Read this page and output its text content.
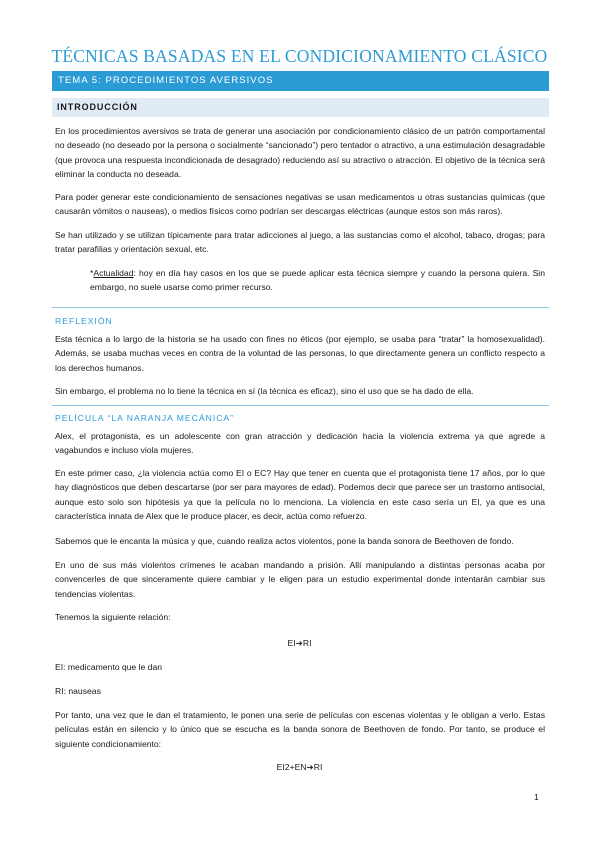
TÉCNICAS BASADAS EN EL CONDICIONAMIENTO CLÁSICO
TEMA 5: PROCEDIMIENTOS AVERSIVOS
INTRODUCCIÓN

En los procedimientos aversivos se trata de generar una asociación por condicionamiento clásico de un patrón comportamental no deseado (no deseado por la persona o socialmente “sancionado”) pero tentador o atractivo, a una estimulación desagradable (que provoca una respuesta incondicionada de desagrado) reduciendo así su atractivo o atracción. El objetivo de la técnica será eliminar la conducta no deseada.

Para poder generar este condicionamiento de sensaciones negativas se usan medicamentos u otras sustancias químicas (que causarán vómitos o nauseas), o medios físicos como podrían ser descargas eléctricas (aunque estos son más raros).

Se han utilizado y se utilizan típicamente para tratar adicciones al juego, a las sustancias como el alcohol, tabaco, drogas; para tratar parafilias y orientación sexual, etc.

*Actualidad: hoy en día hay casos en los que se puede aplicar esta técnica siempre y cuando la persona quiera. Sin embargo, no suele usarse como primer recurso.

REFLEXIÓN

Esta técnica a lo largo de la historia se ha usado con fines no éticos (por ejemplo, se usaba para “tratar” la homosexualidad). Además, se usaba muchas veces en contra de la voluntad de las personas, lo que directamente genera un conflicto respecto a los derechos humanos.

Sin embargo, el problema no lo tiene la técnica en sí (la técnica es eficaz), sino el uso que se ha dado de ella.

PELÍCULA “LA NARANJA MECÁNICA”

Alex, el protagonista, es un adolescente con gran atracción y dedicación hacia la violencia extrema ya que agrede a vagabundos e incluso viola mujeres.

En este primer caso, ¿la violencia actúa como EI o EC? Hay que tener en cuenta que el protagonista tiene 17 años, por lo que hay diagnósticos que deben descartarse (por ser para mayores de edad). Podemos decir que parece ser un trastorno antisocial, aunque esto solo son hipótesis ya que la película no lo menciona. La violencia en este caso sería un EI, ya que es una característica innata de Alex que le produce placer, es decir, actúa como refuerzo.

Sabemos que le encanta la música y que, cuando realiza actos violentos, pone la banda sonora de Beethoven de fondo.

En uno de sus más violentos crímenes le acaban mandando a prisión. Allí manipulando a distintas personas acaba por convencerles de que sinceramente quiere cambiar y le eligen para un estudio experimental donde intentarán cambiar sus tendencias violentas.

Tenemos la siguiente relación:

EI➔RI

EI: medicamento que le dan

RI: nauseas

Por tanto, una vez que le dan el tratamiento, le ponen una serie de películas con escenas violentas y le obligan a verlo. Estas películas están en silencio y lo único que se escucha es la banda sonora de Beethoven de fondo. Por tanto, se produce el siguiente condicionamiento:

EI2+EN➔RI
1
